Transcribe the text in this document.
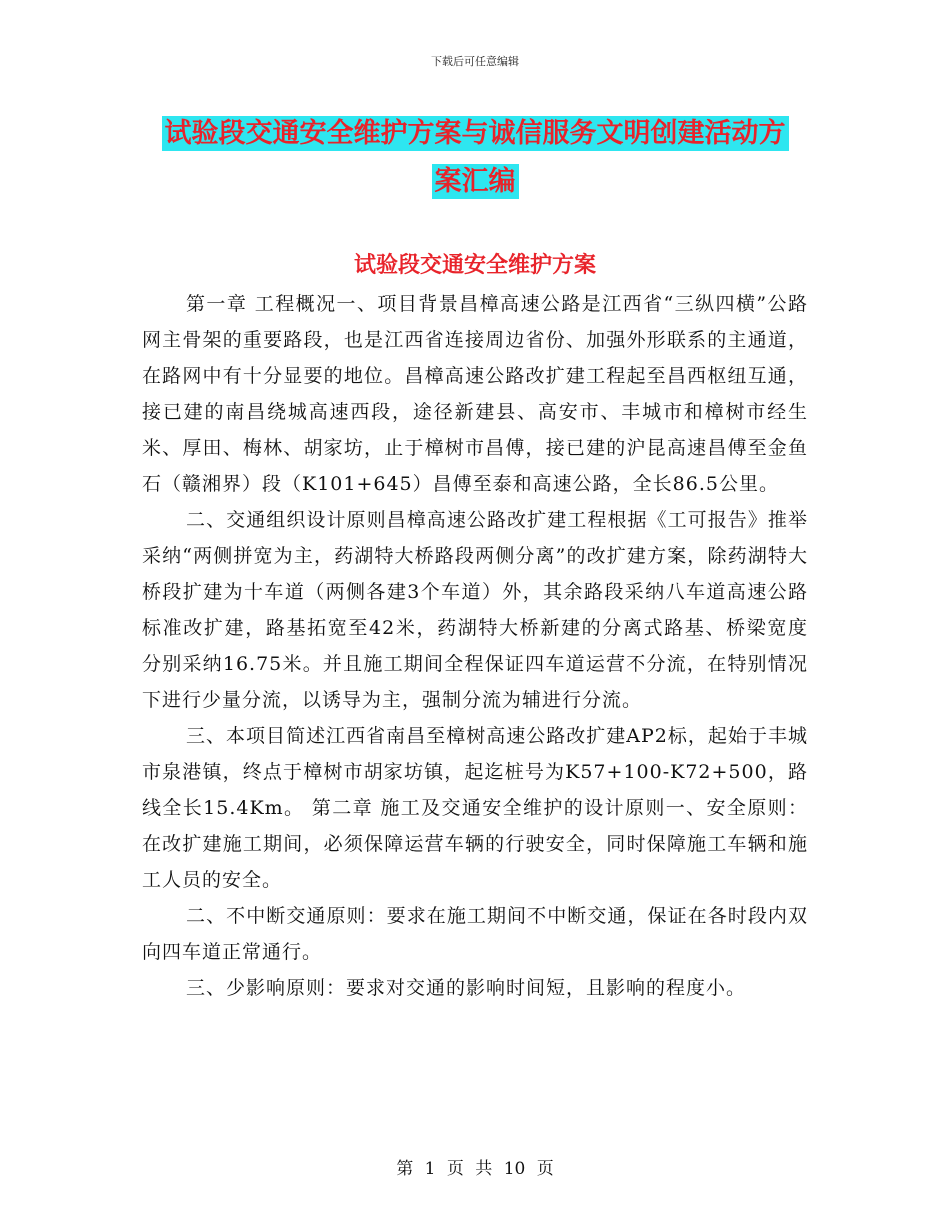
下载后可任意编辑
试验段交通安全维护方案与诚信服务文明创建活动方
案汇编
试验段交通安全维护方案

第一章 工程概况一、项目背景昌樟高速公路是江西省“三纵四横”公路网主骨架的重要路段，也是江西省连接周边省份、加强外形联系的主通道，在路网中有十分显要的地位。昌樟高速公路改扩建工程起至昌西枢纽互通，接已建的南昌绕城高速西段，途径新建县、高安市、丰城市和樟树市经生米、厚田、梅林、胡家坊，止于樟树市昌傅，接已建的沪昆高速昌傅至金鱼石（赣湘界）段（K101+645）昌傅至泰和高速公路，全长86.5公里。

二、交通组织设计原则昌樟高速公路改扩建工程根据《工可报告》推举采纳“两侧拼宽为主，药湖特大桥路段两侧分离”的改扩建方案，除药湖特大桥段扩建为十车道（两侧各建3个车道）外，其余路段采纳八车道高速公路标准改扩建，路基拓宽至42米，药湖特大桥新建的分离式路基、桥梁宽度分别采纳16.75米。并且施工期间全程保证四车道运营不分流，在特别情况下进行少量分流，以诱导为主，强制分流为辅进行分流。

三、本项目简述江西省南昌至樟树高速公路改扩建AP2标，起始于丰城市泉港镇，终点于樟树市胡家坊镇，起迄桩号为K57+100-K72+500，路线全长15.4Km。 第二章 施工及交通安全维护的设计原则一、安全原则：在改扩建施工期间，必须保障运营车辆的行驶安全，同时保障施工车辆和施工人员的安全。

二、不中断交通原则：要求在施工期间不中断交通，保证在各时段内双向四车道正常通行。

三、少影响原则：要求对交通的影响时间短，且影响的程度小。

第 1 页 共 10 页
